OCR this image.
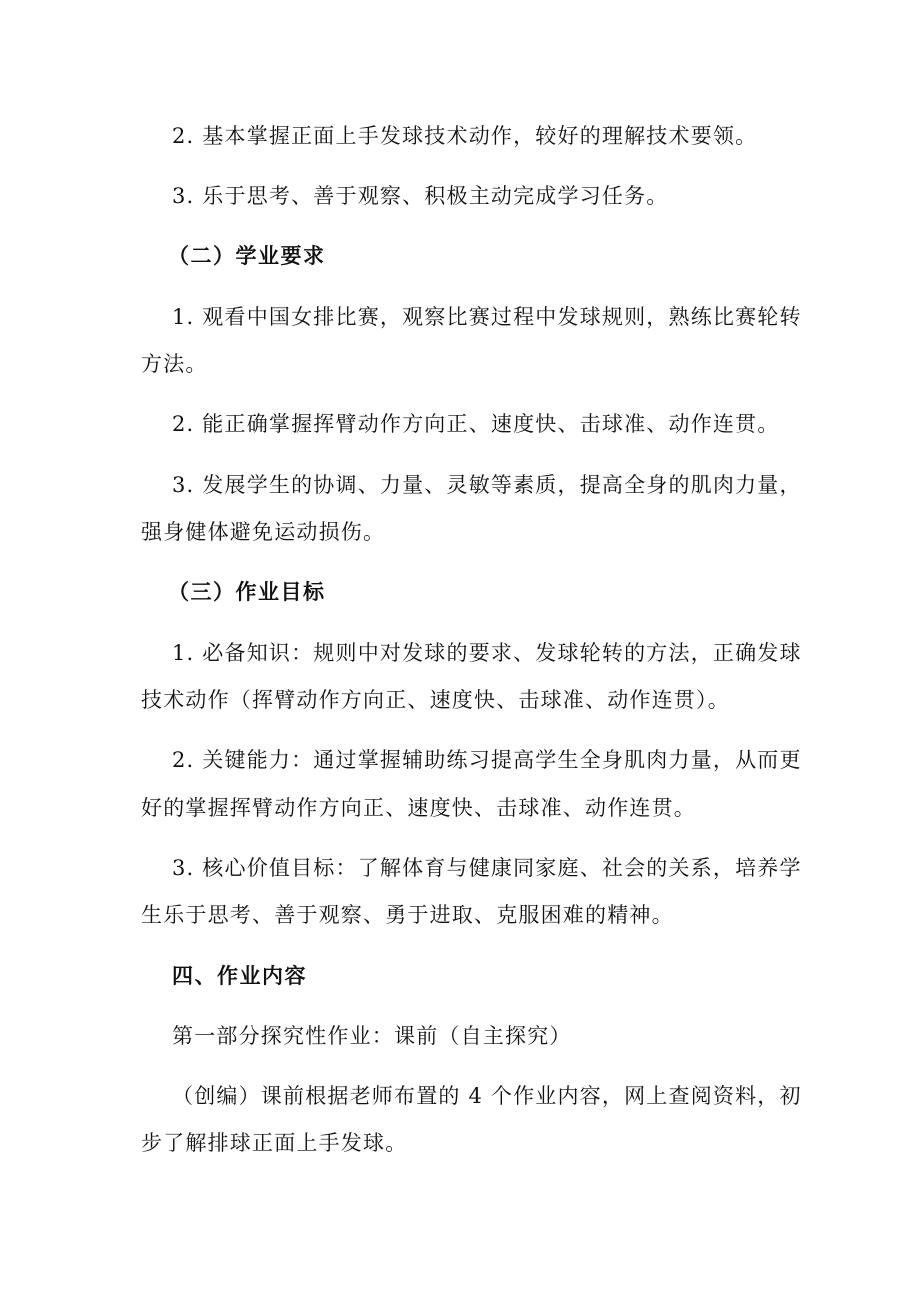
2. 基本掌握正面上手发球技术动作，较好的理解技术要领。
3. 乐于思考、善于观察、积极主动完成学习任务。
（二）学业要求
1. 观看中国女排比赛，观察比赛过程中发球规则，熟练比赛轮转
方法。
2. 能正确掌握挥臂动作方向正、速度快、击球准、动作连贯。
3. 发展学生的协调、力量、灵敏等素质，提高全身的肌肉力量，
强身健体避免运动损伤。
（三）作业目标
1. 必备知识：规则中对发球的要求、发球轮转的方法，正确发球
技术动作（挥臂动作方向正、速度快、击球准、动作连贯）。
2. 关键能力：通过掌握辅助练习提高学生全身肌肉力量，从而更
好的掌握挥臂动作方向正、速度快、击球准、动作连贯。
3. 核心价值目标：了解体育与健康同家庭、社会的关系，培养学
生乐于思考、善于观察、勇于进取、克服困难的精神。
四、作业内容
第一部分探究性作业：课前（自主探究）
（创编）课前根据老师布置的 4 个作业内容，网上查阅资料，初
步了解排球正面上手发球。
